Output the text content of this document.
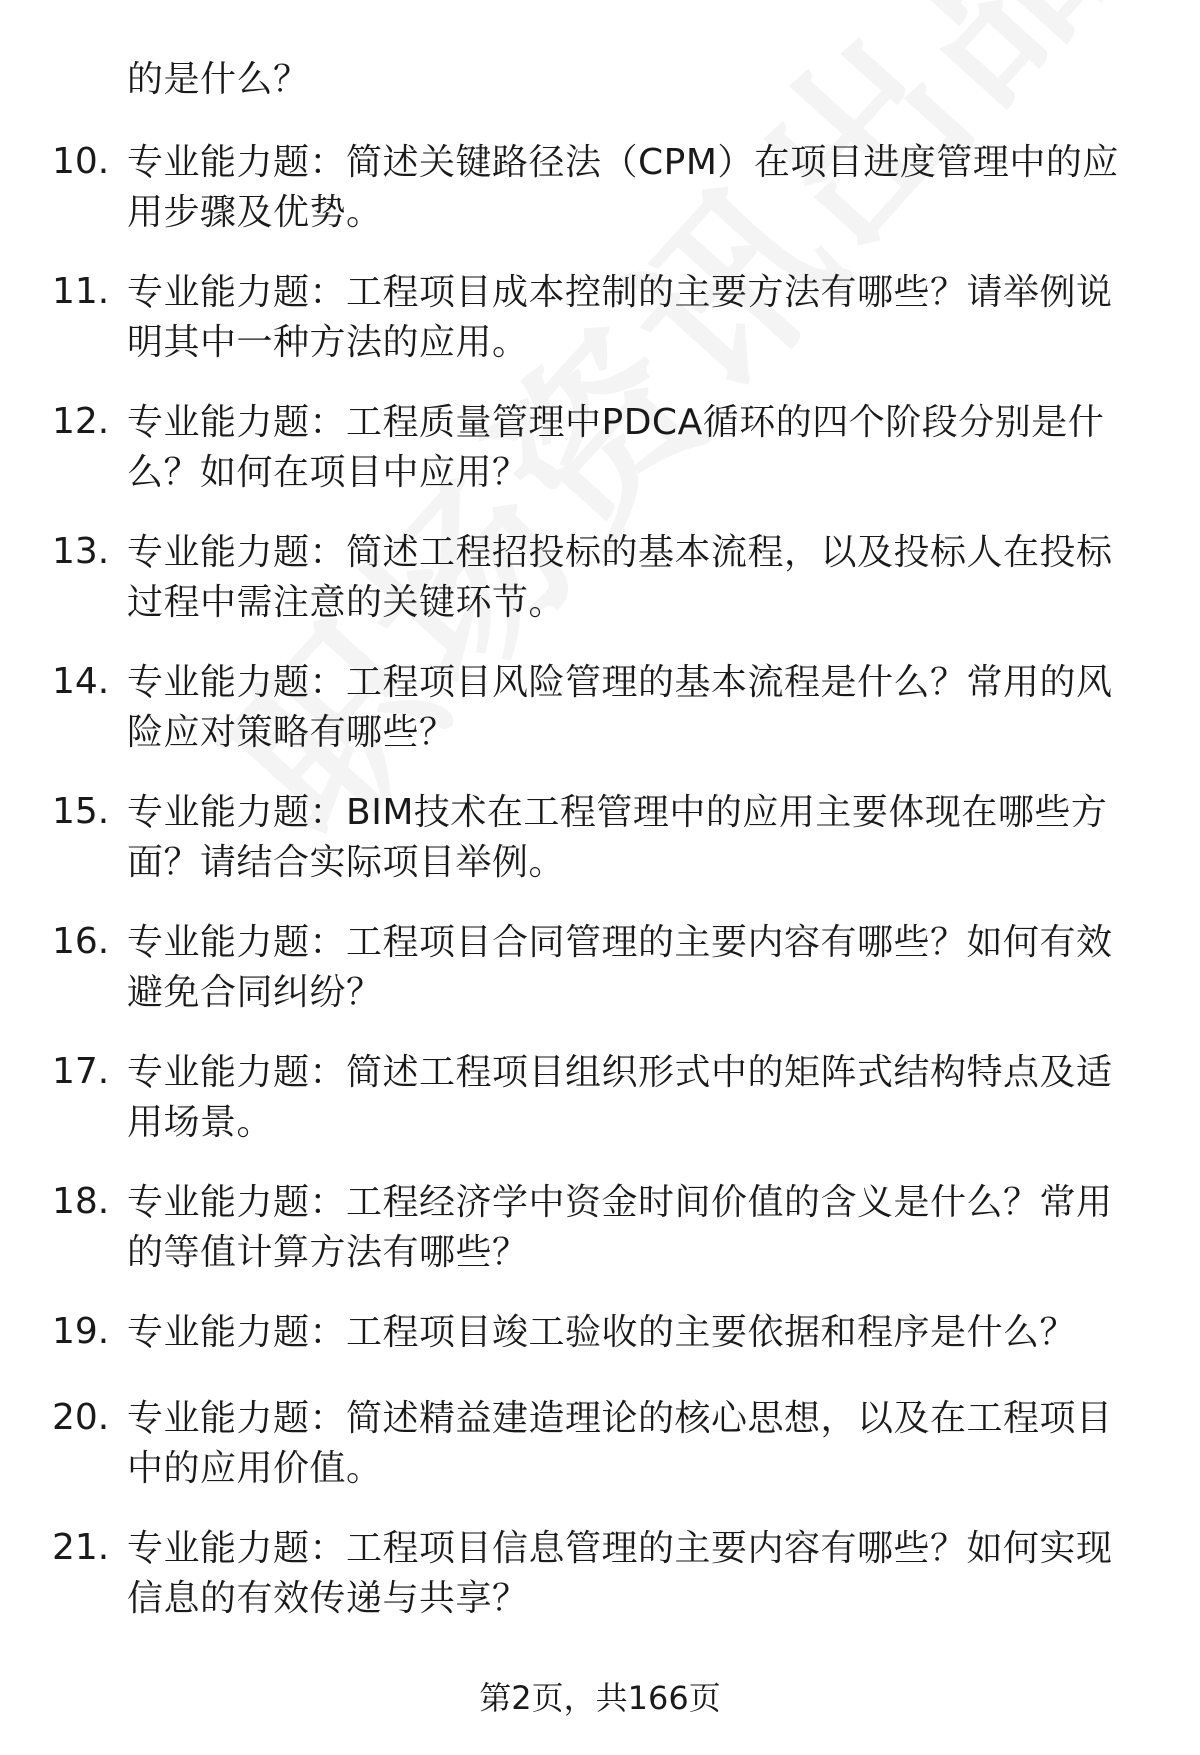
的是什么？
10. 专业能力题：简述关键路径法（CPM）在项目进度管理中的应用步骤及优势。
11. 专业能力题：工程项目成本控制的主要方法有哪些？请举例说明其中一种方法的应用。
12. 专业能力题：工程质量管理中PDCA循环的四个阶段分别是什么？如何在项目中应用？
13. 专业能力题：简述工程招投标的基本流程，以及投标人在投标过程中需注意的关键环节。
14. 专业能力题：工程项目风险管理的基本流程是什么？常用的风险应对策略有哪些？
15. 专业能力题：BIM技术在工程管理中的应用主要体现在哪些方面？请结合实际项目举例。
16. 专业能力题：工程项目合同管理的主要内容有哪些？如何有效避免合同纠纷？
17. 专业能力题：简述工程项目组织形式中的矩阵式结构特点及适用场景。
18. 专业能力题：工程经济学中资金时间价值的含义是什么？常用的等值计算方法有哪些？
19. 专业能力题：工程项目竣工验收的主要依据和程序是什么？
20. 专业能力题：简述精益建造理论的核心思想，以及在工程项目中的应用价值。
21. 专业能力题：工程项目信息管理的主要内容有哪些？如何实现信息的有效传递与共享？
第2页，共166页
